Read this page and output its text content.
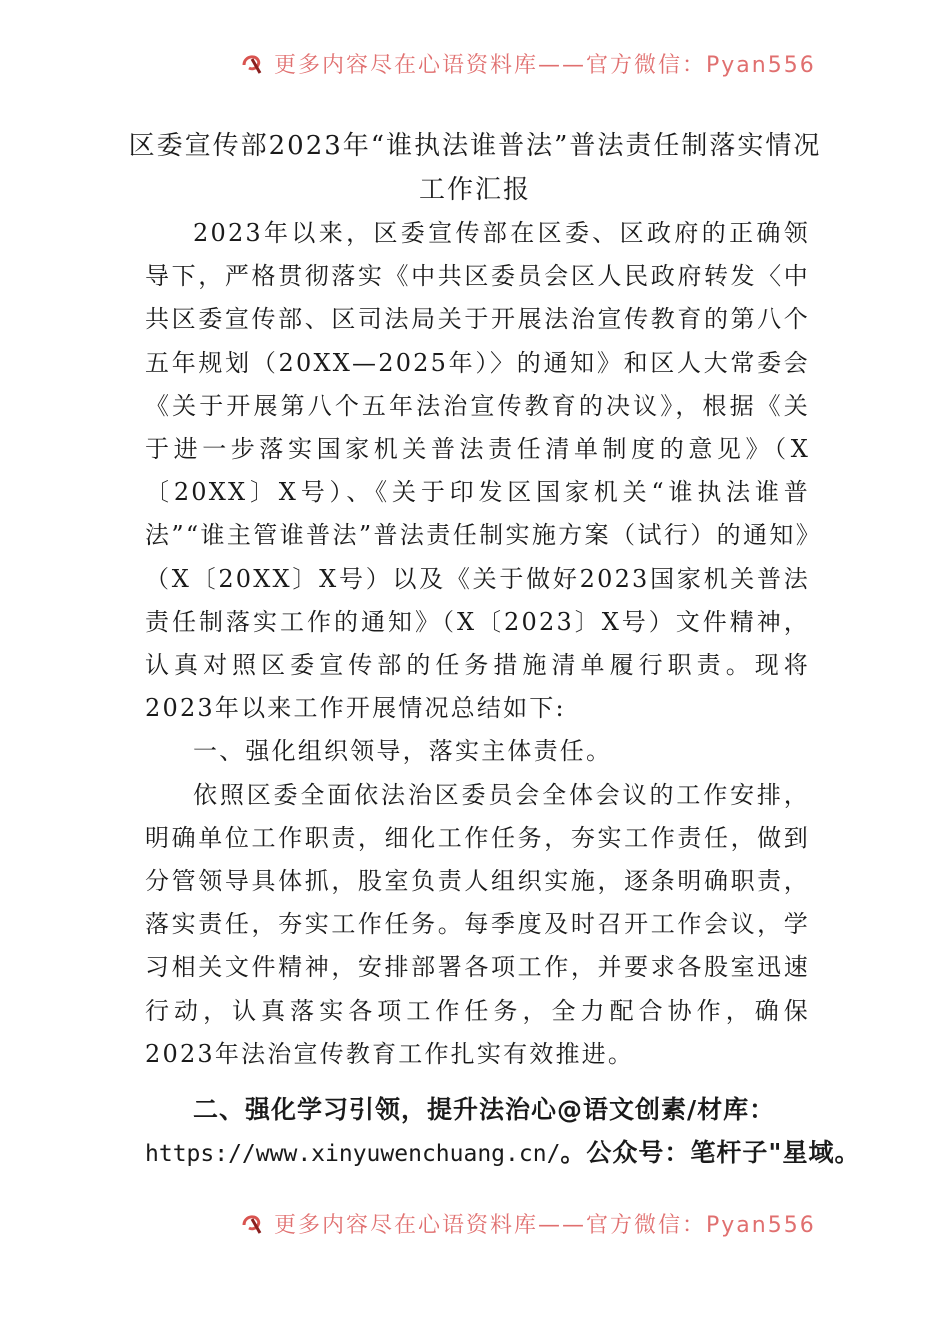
更多内容尽在心语资料库——官方微信：Pyan556
区委宣传部2023年“谁执法谁普法”普法责任制落实情况
工作汇报

2023年以来，区委宣传部在区委、区政府的正确领导下，严格贯彻落实《中共区委员会区人民政府转发〈中共区委宣传部、区司法局关于开展法治宣传教育的第八个五年规划（20XX—2025年）〉的通知》和区人大常委会《关于开展第八个五年法治宣传教育的决议》，根据《关于进一步落实国家机关普法责任清单制度的意见》（X〔20XX〕X号）、《关于印发区国家机关“谁执法谁普法”“谁主管谁普法”普法责任制实施方案（试行）的通知》（X〔20XX〕X号）以及《关于做好2023国家机关普法责任制落实工作的通知》（X〔2023〕X号）文件精神，认真对照区委宣传部的任务措施清单履行职责。现将2023年以来工作开展情况总结如下:

一、强化组织领导，落实主体责任。

依照区委全面依法治区委员会全体会议的工作安排，明确单位工作职责，细化工作任务，夯实工作责任，做到分管领导具体抓，股室负责人组织实施，逐条明确职责，落实责任，夯实工作任务。每季度及时召开工作会议，学习相关文件精神，安排部署各项工作，并要求各股室迅速行动，认真落实各项工作任务，全力配合协作，确保2023年法治宣传教育工作扎实有效推进。

二、强化学习引领，提升法治心@语文创素/材库：
https://www.xinyuwenchuang.cn/。公众号：笔杆子"星域。
更多内容尽在心语资料库——官方微信：Pyan556
